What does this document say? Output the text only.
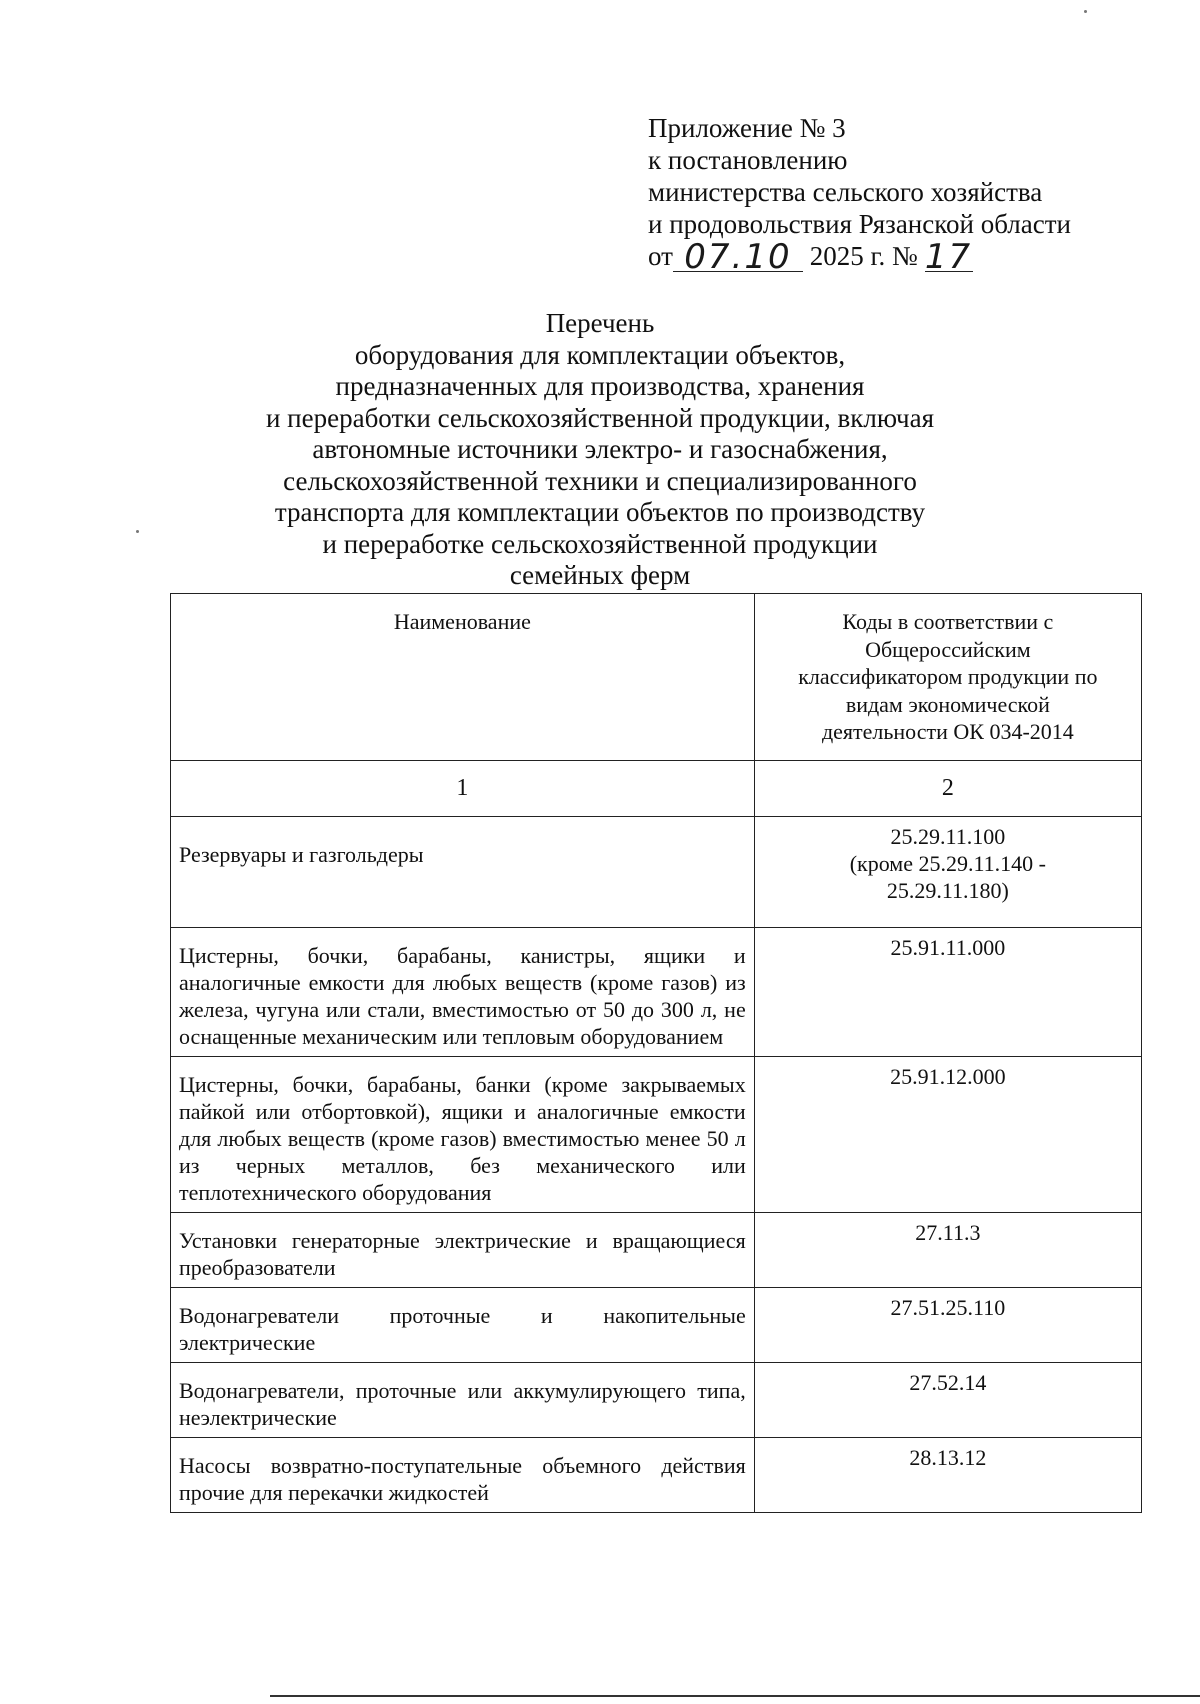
Приложение № 3
к постановлению
министерства сельского хозяйства
и продовольствия Рязанской области
от 07.10 2025 г. № 17
Перечень
оборудования для комплектации объектов,
предназначенных для производства, хранения
и переработки сельскохозяйственной продукции, включая
автономные источники электро- и газоснабжения,
сельскохозяйственной техники и специализированного
транспорта для комплектации объектов по производству
и переработке сельскохозяйственной продукции
семейных ферм
Наименование	Коды в соответствии с
Общероссийским
классификатором продукции по
видам экономической
деятельности ОК 034-2014

1	2
Резервуары и газгольдеры	25.29.11.100
(кроме 25.29.11.140 -
25.29.11.180)

Цистерны, бочки, барабаны, канистры, ящики и аналогичные емкости для любых веществ (кроме газов) из железа, чугуна или стали, вместимостью от 50 до 300 л, не оснащенные механическим или тепловым оборудованием	25.91.11.000

Цистерны, бочки, барабаны, банки (кроме закрываемых пайкой или отбортовкой), ящики и аналогичные емкости для любых веществ (кроме газов) вместимостью менее 50 л из черных металлов, без механического или теплотехнического оборудования	25.91.12.000

Установки генераторные электрические и вращающиеся преобразователи	27.11.3

Водонагреватели проточные и накопительные электрические	27.51.25.110

Водонагреватели, проточные или аккумулирующего типа, неэлектрические	27.52.14

Насосы возвратно-поступательные объемного действия прочие для перекачки жидкостей	28.13.12
